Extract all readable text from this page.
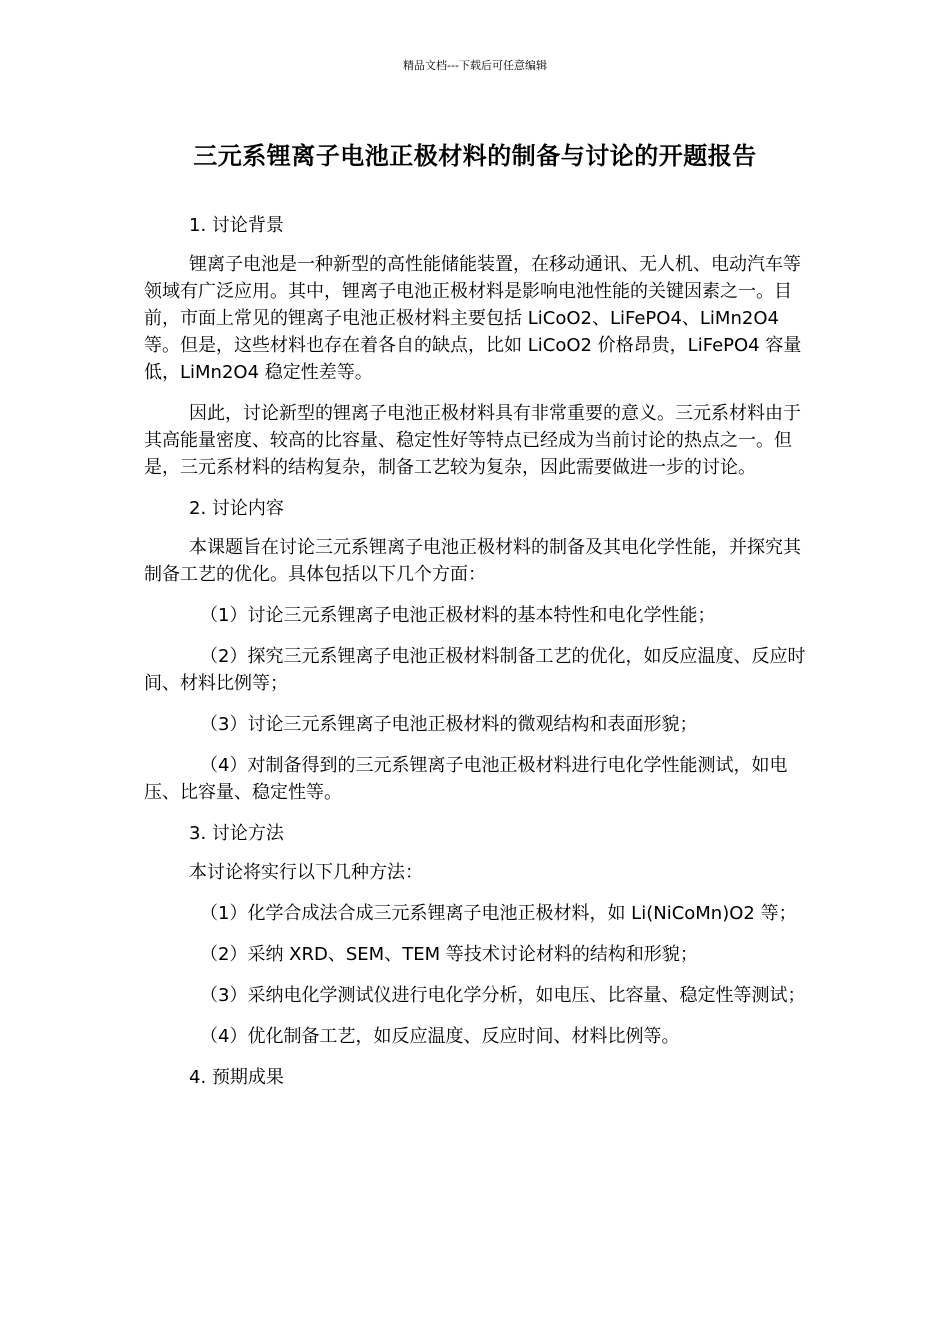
精品文档---下载后可任意编辑
三元系锂离子电池正极材料的制备与讨论的开题报告

1. 讨论背景

锂离子电池是一种新型的高性能储能装置，在移动通讯、无人机、电动汽车等领域有广泛应用。其中，锂离子电池正极材料是影响电池性能的关键因素之一。目前，市面上常见的锂离子电池正极材料主要包括 LiCoO2、LiFePO4、LiMn2O4 等。但是，这些材料也存在着各自的缺点，比如 LiCoO2 价格昂贵，LiFePO4 容量低，LiMn2O4 稳定性差等。

因此，讨论新型的锂离子电池正极材料具有非常重要的意义。三元系材料由于其高能量密度、较高的比容量、稳定性好等特点已经成为当前讨论的热点之一。但是，三元系材料的结构复杂，制备工艺较为复杂，因此需要做进一步的讨论。

2. 讨论内容

本课题旨在讨论三元系锂离子电池正极材料的制备及其电化学性能，并探究其制备工艺的优化。具体包括以下几个方面：

（1）讨论三元系锂离子电池正极材料的基本特性和电化学性能；

（2）探究三元系锂离子电池正极材料制备工艺的优化，如反应温度、反应时间、材料比例等；

（3）讨论三元系锂离子电池正极材料的微观结构和表面形貌；

（4）对制备得到的三元系锂离子电池正极材料进行电化学性能测试，如电压、比容量、稳定性等。

3. 讨论方法

本讨论将实行以下几种方法：

（1）化学合成法合成三元系锂离子电池正极材料，如 Li(NiCoMn)O2 等；

（2）采纳 XRD、SEM、TEM 等技术讨论材料的结构和形貌；

（3）采纳电化学测试仪进行电化学分析，如电压、比容量、稳定性等测试；

（4）优化制备工艺，如反应温度、反应时间、材料比例等。

4. 预期成果
